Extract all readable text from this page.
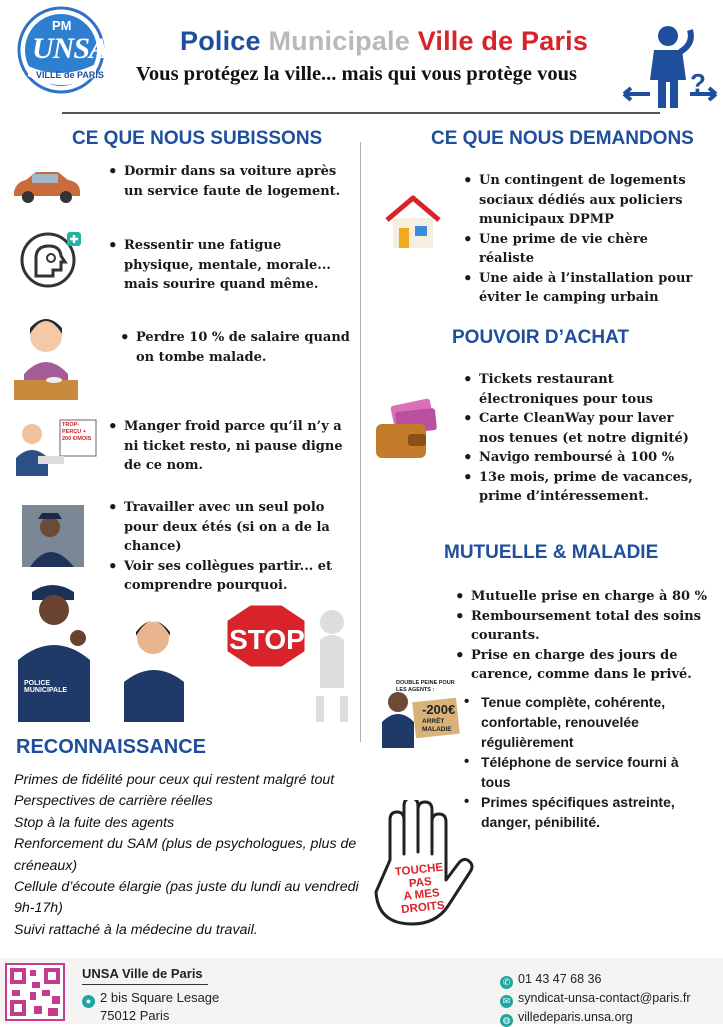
PM
UNSA
VILLE de PARIS
Police Municipale Ville de Paris
Vous protégez la ville... mais qui vous protège vous	?
CE QUE NOUS SUBISSONS
• Dormir dans sa voiture après un service faute de logement.
• Ressentir une fatigue physique, mentale, morale... mais sourire quand même.
• Perdre 10 % de salaire quand on tombe malade.
TROP-PERÇU + 200 €/MOIS
• Manger froid parce qu’il n’y a ni ticket resto, ni pause digne de ce nom.
• Travailler avec un seul polo pour deux étés (si on a de la chance)
• Voir ses collègues partir... et comprendre pourquoi.
POLICE MUNICIPALE
STOP
CE QUE NOUS DEMANDONS
• Un contingent de logements sociaux dédiés aux policiers municipaux DPMP
• Une prime de vie chère réaliste
• Une aide à l’installation pour éviter le camping urbain
POUVOIR D’ACHAT
• Tickets restaurant électroniques pour tous
• Carte CleanWay pour laver nos tenues (et notre dignité)
• Navigo remboursé à 100 %
• 13e mois, prime de vacances, prime d’intéressement.
MUTUELLE & MALADIE
• Mutuelle prise en charge à 80 %
• Remboursement total des soins courants.
• Prise en charge des jours de carence, comme dans le privé.
DOUBLE PEINE POUR LES AGENTS :
-200€
ARRÊT MALADIE
• Tenue complète, cohérente, confortable, renouvelée régulièrement
• Téléphone de service fourni à tous
• Primes spécifiques astreinte, danger, pénibilité.
RECONNAISSANCE
Primes de fidélité pour ceux qui restent malgré tout
Perspectives de carrière réelles
Stop à la fuite des agents
Renforcement du SAM (plus de psychologues, plus de
créneaux)
Cellule d’écoute élargie (pas juste du lundi au vendredi
9h-17h)
Suivi rattaché à la médecine du travail.
TOUCHE
PAS
A MES
DROITS
UNSA Ville de Paris
● 2 bis Square Lesage
75012 Paris
✆ 01 43 47 68 36
✉ syndicat-unsa-contact@paris.fr
◍ villedeparis.unsa.org
